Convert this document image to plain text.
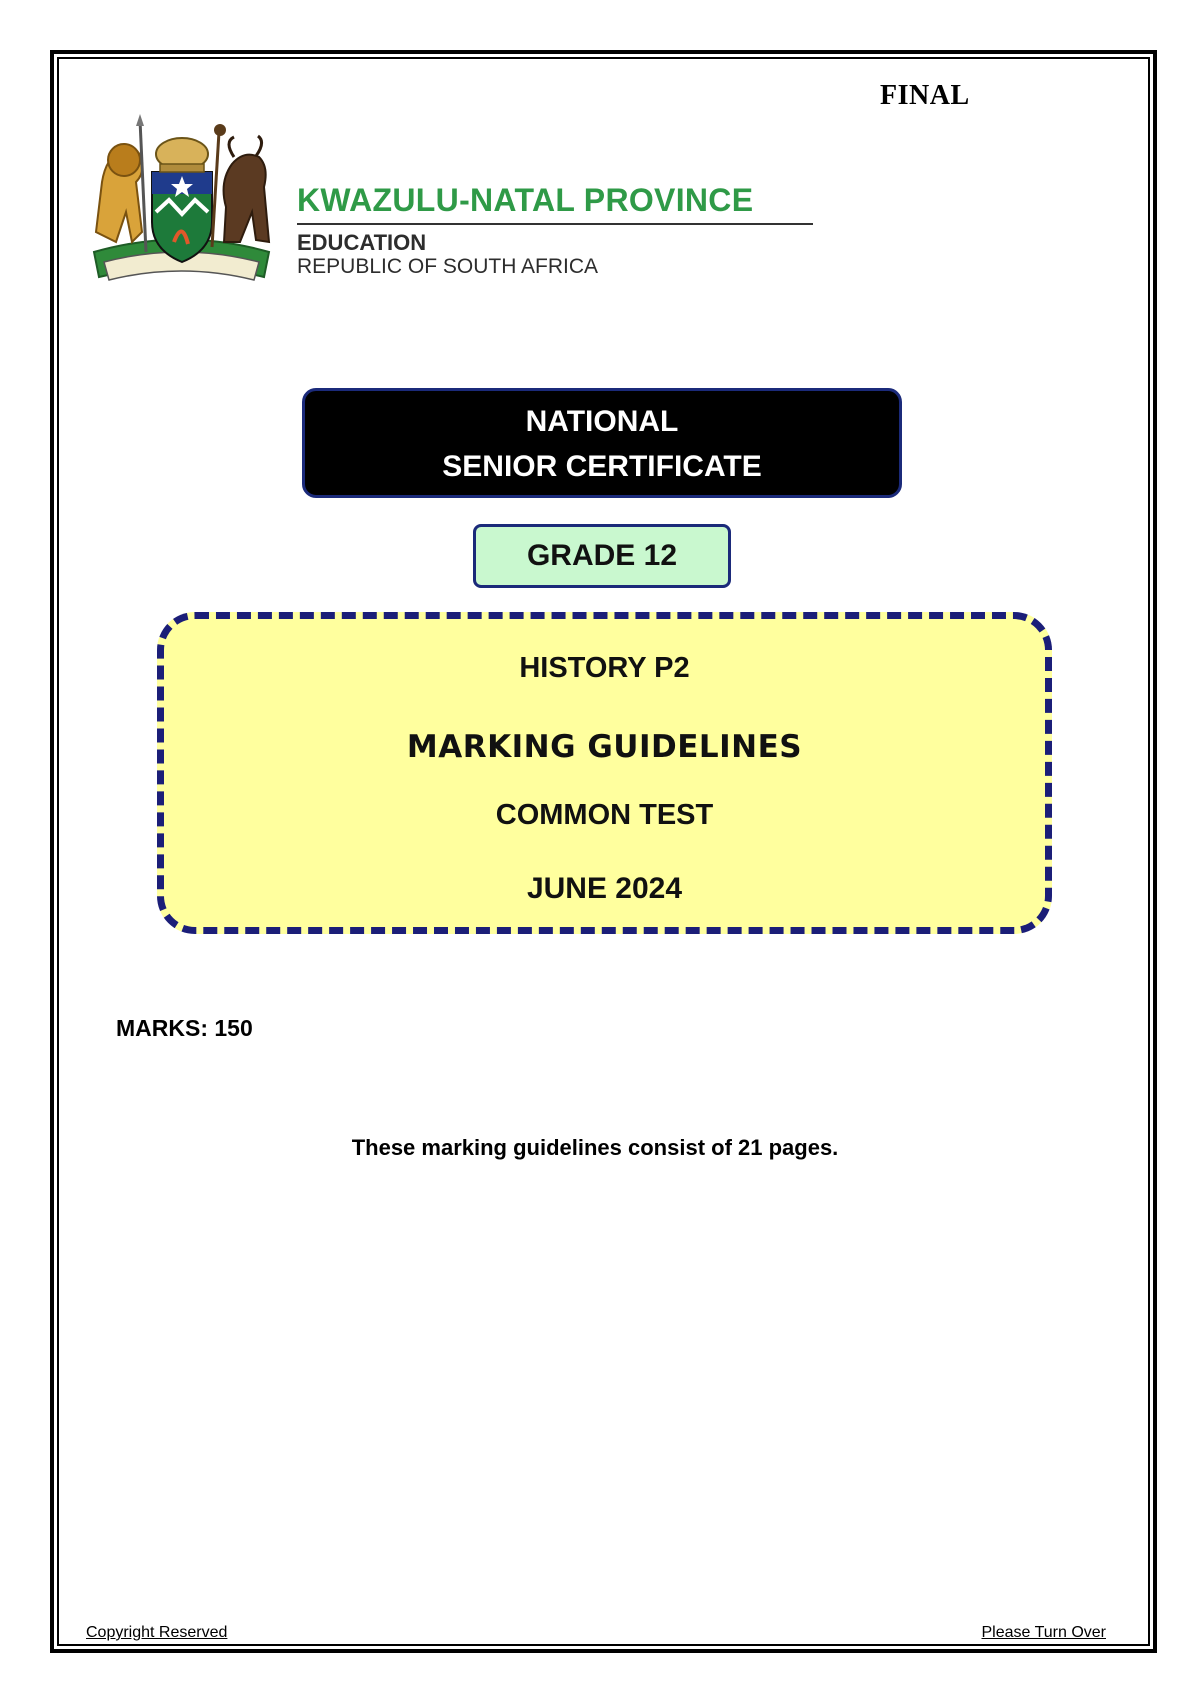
FINAL
KWAZULU-NATAL PROVINCE
EDUCATION
REPUBLIC OF SOUTH AFRICA
NATIONAL
SENIOR CERTIFICATE
GRADE 12
HISTORY P2
MARKING GUIDELINES
COMMON TEST
JUNE 2024
MARKS: 150
These marking guidelines consist of 21 pages.
Copyright Reserved	Please Turn Over
